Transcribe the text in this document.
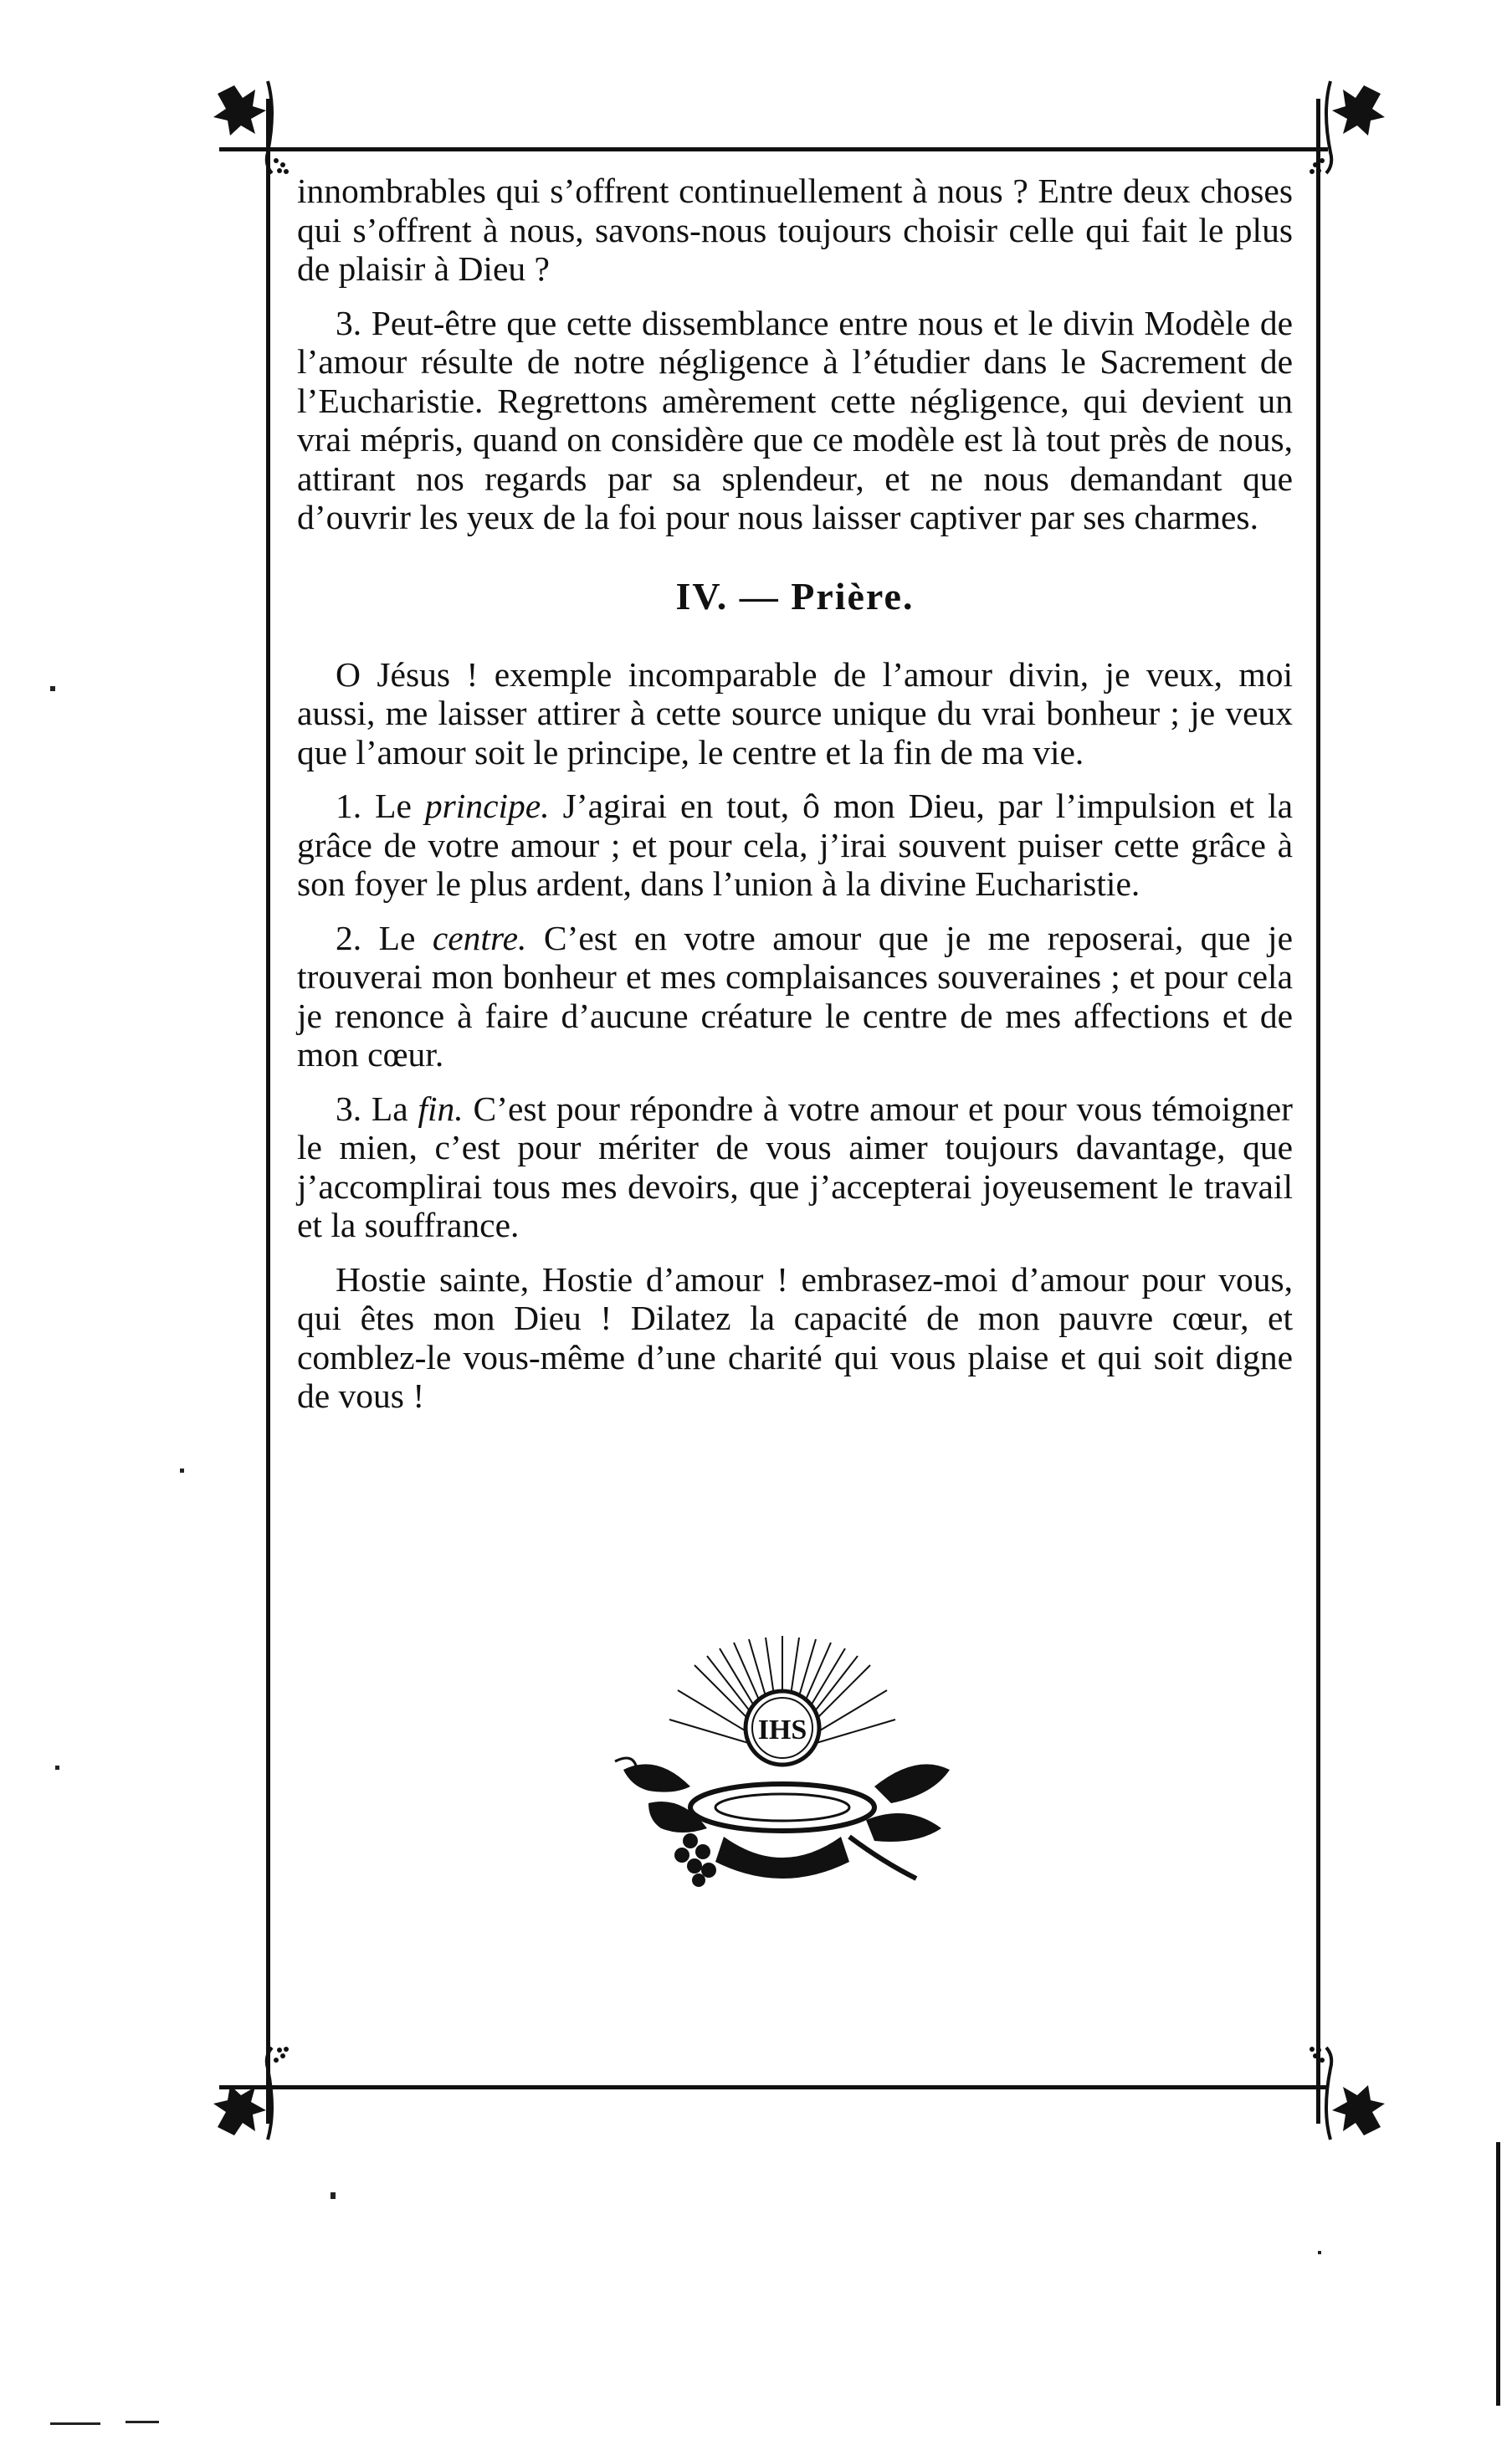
innombrables qui s’offrent continuellement à nous ? Entre deux choses qui s’offrent à nous, savons-nous toujours choisir celle qui fait le plus de plaisir à Dieu ?

3. Peut-être que cette dissemblance entre nous et le divin Modèle de l’amour résulte de notre négligence à l’étudier dans le Sacrement de l’Eucharistie. Regrettons amèrement cette négligence, qui devient un vrai mépris, quand on considère que ce modèle est là tout près de nous, attirant nos regards par sa splendeur, et ne nous demandant que d’ouvrir les yeux de la foi pour nous laisser captiver par ses charmes.

IV. — Prière.

O Jésus ! exemple incomparable de l’amour divin, je veux, moi aussi, me laisser attirer à cette source unique du vrai bonheur ; je veux que l’amour soit le principe, le centre et la fin de ma vie.

1. Le principe. J’agirai en tout, ô mon Dieu, par l’impulsion et la grâce de votre amour ; et pour cela, j’irai souvent puiser cette grâce à son foyer le plus ardent, dans l’union à la divine Eucharistie.

2. Le centre. C’est en votre amour que je me reposerai, que je trouverai mon bonheur et mes complaisances souveraines ; et pour cela je renonce à faire d’aucune créature le centre de mes affections et de mon cœur.

3. La fin. C’est pour répondre à votre amour et pour vous témoigner le mien, c’est pour mériter de vous aimer toujours davantage, que j’accomplirai tous mes devoirs, que j’accepterai joyeusement le travail et la souffrance.

Hostie sainte, Hostie d’amour ! embrasez-moi d’amour pour vous, qui êtes mon Dieu ! Dilatez la capacité de mon pauvre cœur, et comblez-le vous-même d’une charité qui vous plaise et qui soit digne de vous !

IHS
